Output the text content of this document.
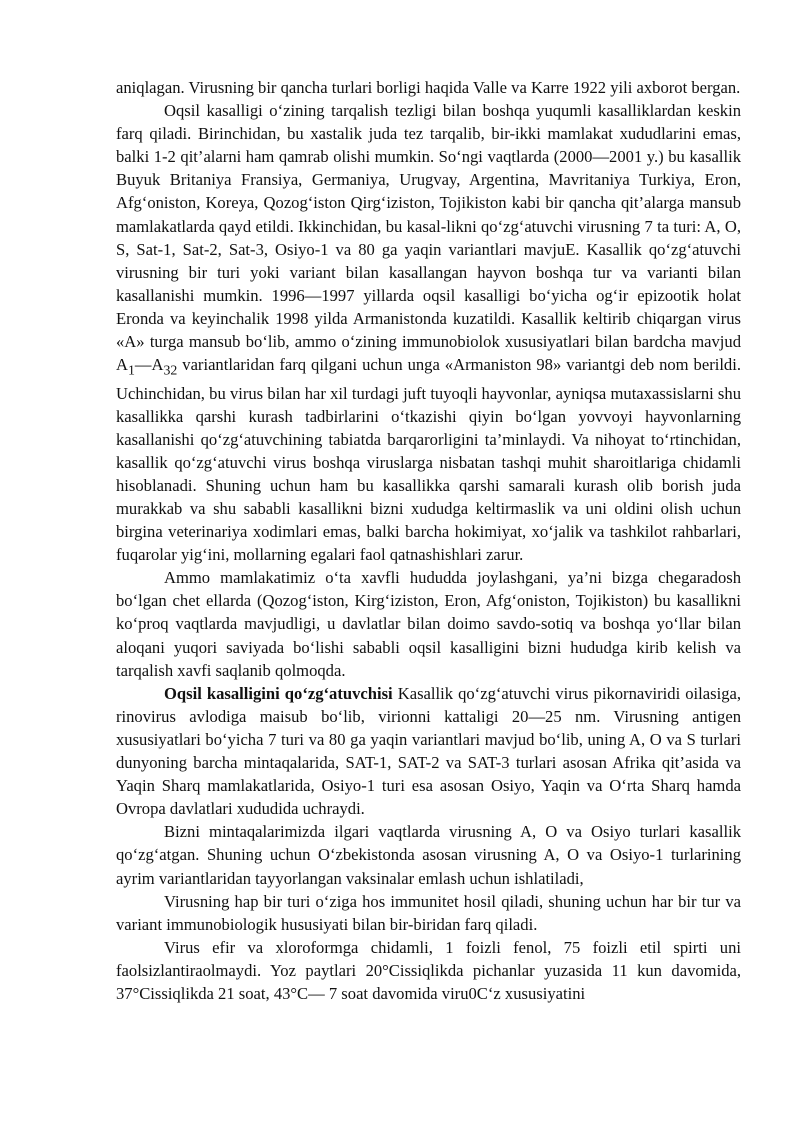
aniqlagan. Virusning bir qancha turlari borligi haqida Valle va Karre 1922 yili axborot bergan.

Oqsil kasalligi o‘zining tarqalish tezligi bilan boshqa yuqumli kasalliklardan keskin farq qiladi. Birinchidan, bu xastalik juda tez tarqalib, bir-ikki mamlakat xududlarini emas, balki 1-2 qit’alarni ham qamrab olishi mumkin. So‘ngi vaqtlarda (2000—2001 y.) bu kasallik Buyuk Britaniya Fransiya, Germaniya, Urugvay, Argentina, Mavritaniya Turkiya, Eron, Afg‘oniston, Koreya, Qozog‘iston Qirg‘iziston, Tojikiston kabi bir qancha qit’alarga mansub mamlakatlarda qayd etildi. Ikkinchidan, bu kasal-likni qo‘zg‘atuvchi virusning 7 ta turi: A, O, S, Sat-1, Sat-2, Sat-3, Osiyo-1 va 80 ga yaqin variantlari mavjuE. Kasallik qo‘zg‘atuvchi virusning bir turi yoki variant bilan kasallangan hayvon boshqa tur va varianti bilan kasallanishi mumkin. 1996—1997 yillarda oqsil kasalligi bo‘yicha og‘ir epizootik holat Eronda va keyinchalik 1998 yilda Armanistonda kuzatildi. Kasallik keltirib chiqargan virus «A» turga mansub bo‘lib, ammo o‘zining immunobiolok xususiyatlari bilan bardcha mavjud $A_1—A_{32}$ variantlaridan farq qilgani uchun unga «Armaniston 98» variantgi deb nom berildi. Uchinchidan, bu virus bilan har xil turdagi juft tuyoqli hayvonlar, ayniqsa mutaxassislarni shu kasallikka qarshi kurash tadbirlarini o‘tkazishi qiyin bo‘lgan yovvoyi hayvonlarning kasallanishi qo‘zg‘atuvchining tabiatda barqarorligini ta’minlaydi. Va nihoyat to‘rtinchidan, kasallik qo‘zg‘atuvchi virus boshqa viruslarga nisbatan tashqi muhit sharoitlariga chidamli hisoblanadi. Shuning uchun ham bu kasallikka qarshi samarali kurash olib borish juda murakkab va shu sababli kasallikni bizni xududga keltirmaslik va uni oldini olish uchun birgina veterinariya xodimlari emas, balki barcha hokimiyat, xo‘jalik va tashkilot rahbarlari, fuqarolar yig‘ini, mollarning egalari faol qatnashishlari zarur.

Ammo mamlakatimiz o‘ta xavfli hududda joylashgani, ya’ni bizga chegaradosh bo‘lgan chet ellarda (Qozog‘iston, Kirg‘iziston, Eron, Afg‘oniston, Tojikiston) bu kasallikni ko‘proq vaqtlarda mavjudligi, u davlatlar bilan doimo savdo-sotiq va boshqa yo‘llar bilan aloqani yuqori saviyada bo‘lishi sababli oqsil kasalligini bizni hududga kirib kelish va tarqalish xavfi saqlanib qolmoqda.

Oqsil kasalligini qo‘zg‘atuvchisi Kasallik qo‘zg‘atuvchi virus pikornaviridi oilasiga, rinovirus avlodiga maisub bo‘lib, virionni kattaligi 20—25 nm. Virusning antigen xususiyatlari bo‘yicha 7 turi va 80 ga yaqin variantlari mavjud bo‘lib, uning A, O va S turlari dunyoning barcha mintaqalarida, SAT-1, SAT-2 va SAT-3 turlari asosan Afrika qit’asida va Yaqin Sharq mamlakatlarida, Osiyo-1 turi esa asosan Osiyo, Yaqin va O‘rta Sharq hamda Ovropa davlatlari xududida uchraydi.

Bizni mintaqalarimizda ilgari vaqtlarda virusning A, O va Osiyo turlari kasallik qo‘zg‘atgan. Shuning uchun O‘zbekistonda asosan virusning A, O va Osiyo-1 turlarining ayrim variantlaridan tayyorlangan vaksinalar emlash uchun ishlatiladi,

Virusning hap bir turi o‘ziga hos immunitet hosil qiladi, shuning uchun har bir tur va variant immunobiologik hususiyati bilan bir-biridan farq qiladi.

Virus efir va xloroformga chidamli, 1 foizli fenol, 75 foizli etil spirti uni faolsizlantiraolmaydi. Yoz paytlari 20°Cissiqlikda pichanlar yuzasida 11 kun davomida, 37°Cissiqlikda 21 soat, 43°C— 7 soat davomida viru0C‘z xususiyatini
